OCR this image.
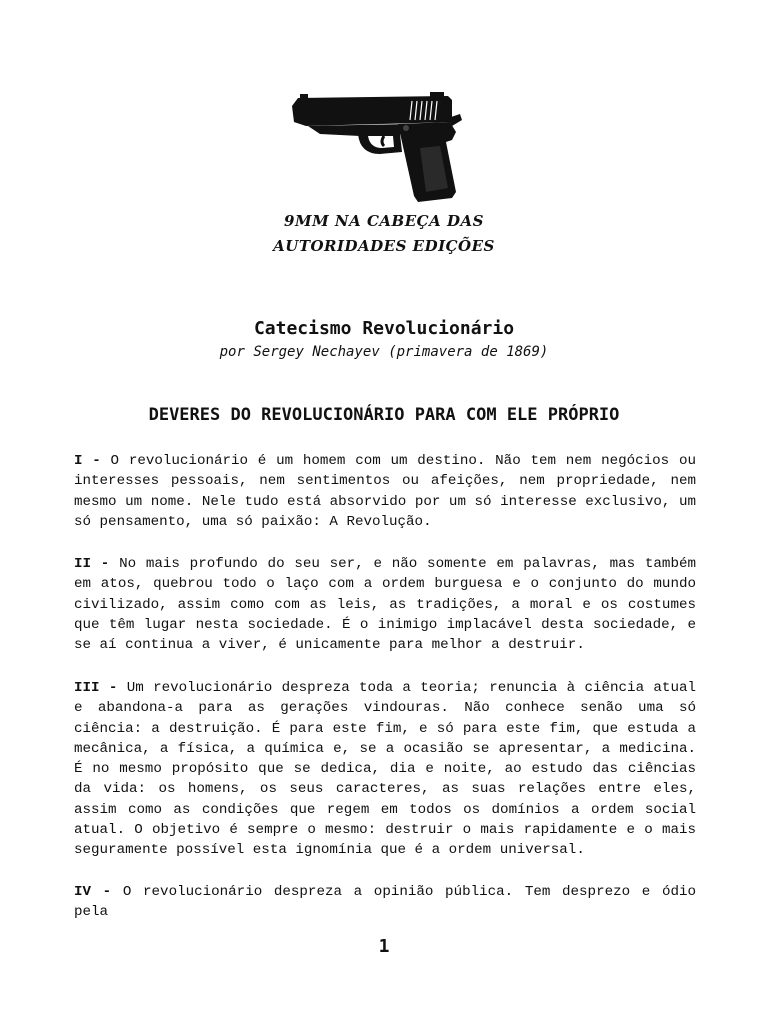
9MM NA CABEÇA DAS
AUTORIDADES EDIÇÕES
Catecismo Revolucionário
por Sergey Nechayev (primavera de 1869)
DEVERES DO REVOLUCIONÁRIO PARA COM ELE PRÓPRIO
I - O revolucionário é um homem com um destino. Não tem nem negócios ou interesses pessoais, nem sentimentos ou afeições, nem propriedade, nem mesmo um nome. Nele tudo está absorvido por um só interesse exclusivo, um só pensamento, uma só paixão: A Revolução.
II - No mais profundo do seu ser, e não somente em palavras, mas também em atos, quebrou todo o laço com a ordem burguesa e o conjunto do mundo civilizado, assim como com as leis, as tradições, a moral e os costumes que têm lugar nesta sociedade. É o inimigo implacável desta sociedade, e se aí continua a viver, é unicamente para melhor a destruir.
III - Um revolucionário despreza toda a teoria; renuncia à ciência atual e abandona-a para as gerações vindouras. Não conhece senão uma só ciência: a destruição. É para este fim, e só para este fim, que estuda a mecânica, a física, a química e, se a ocasião se apresentar, a medicina. É no mesmo propósito que se dedica, dia e noite, ao estudo das ciências da vida: os homens, os seus caracteres, as suas relações entre eles, assim como as condições que regem em todos os domínios a ordem social atual. O objetivo é sempre o mesmo: destruir o mais rapidamente e o mais seguramente possível esta ignomínia que é a ordem universal.
IV - O revolucionário despreza a opinião pública. Tem desprezo e ódio pela
1
